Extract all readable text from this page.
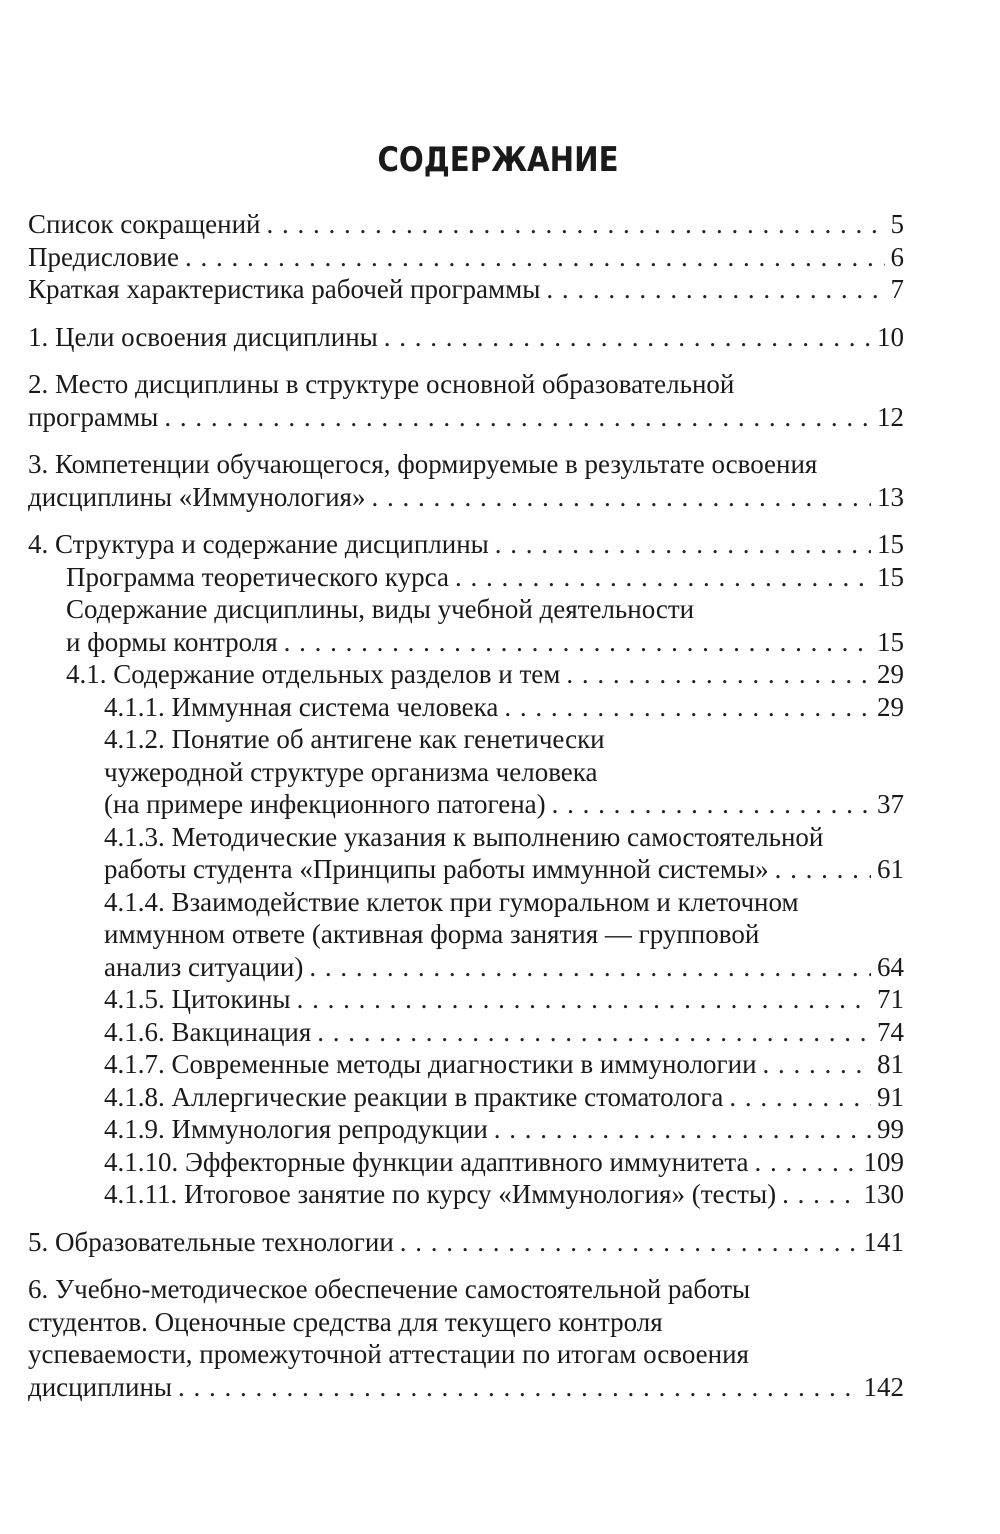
СОДЕРЖАНИЕ
Список сокращений . . .	5
Предисловие . . .	6
Краткая характеристика рабочей программы . . .	7
1. Цели освоения дисциплины . . .	10
2. Место дисциплины в структуре основной образовательной
программы . . .	12
3. Компетенции обучающегося, формируемые в результате освоения
дисциплины «Иммунология» . . .	13
4. Структура и содержание дисциплины . . .	15
Программа теоретического курса . . .	15
Содержание дисциплины, виды учебной деятельности
и формы контроля . . .	15
4.1. Содержание отдельных разделов и тем . . .	29
4.1.1. Иммунная система человека . . .	29
4.1.2. Понятие об антигене как генетически
чужеродной структуре организма человека
(на примере инфекционного патогена) . . .	37
4.1.3. Методические указания к выполнению самостоятельной
работы студента «Принципы работы иммунной системы» . . .	61
4.1.4. Взаимодействие клеток при гуморальном и клеточном
иммунном ответе (активная форма занятия — групповой
анализ ситуации) . . .	64
4.1.5. Цитокины . . .	71
4.1.6. Вакцинация . . .	74
4.1.7. Современные методы диагностики в иммунологии . . .	81
4.1.8. Аллергические реакции в практике стоматолога . . .	91
4.1.9. Иммунология репродукции . . .	99
4.1.10. Эффекторные функции адаптивного иммунитета . . .	109
4.1.11. Итоговое занятие по курсу «Иммунология» (тесты) . . .	130
5. Образовательные технологии . . .	141
6. Учебно-методическое обеспечение самостоятельной работы
студентов. Оценочные средства для текущего контроля
успеваемости, промежуточной аттестации по итогам освоения
дисциплины . . .	142
